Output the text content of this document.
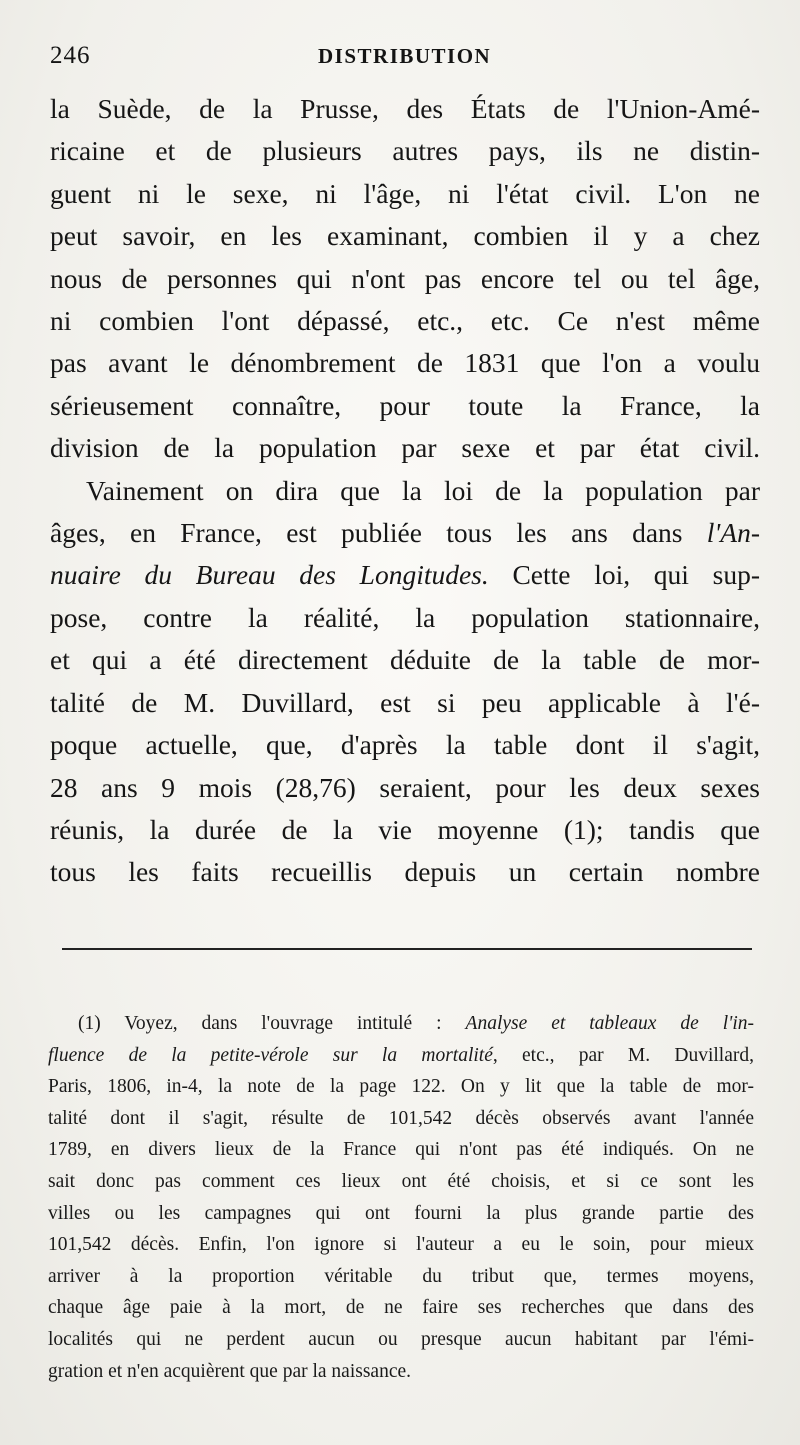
246	DISTRIBUTION
la Suède, de la Prusse, des États de l'Union-Amé-
ricaine et de plusieurs autres pays, ils ne distin-
guent ni le sexe, ni l'âge, ni l'état civil. L'on ne
peut savoir, en les examinant, combien il y a chez
nous de personnes qui n'ont pas encore tel ou tel âge,
ni combien l'ont dépassé, etc., etc. Ce n'est même
pas avant le dénombrement de 1831 que l'on a voulu
sérieusement connaître, pour toute la France, la
division de la population par sexe et par état civil.
Vainement on dira que la loi de la population par
âges, en France, est publiée tous les ans dans l'An-
nuaire du Bureau des Longitudes. Cette loi, qui sup-
pose, contre la réalité, la population stationnaire,
et qui a été directement déduite de la table de mor-
talité de M. Duvillard, est si peu applicable à l'é-
poque actuelle, que, d'après la table dont il s'agit,
28 ans 9 mois (28,76) seraient, pour les deux sexes
réunis, la durée de la vie moyenne (1); tandis que
tous les faits recueillis depuis un certain nombre
(1) Voyez, dans l'ouvrage intitulé : Analyse et tableaux de l'in-
fluence de la petite-vérole sur la mortalité, etc., par M. Duvillard,
Paris, 1806, in-4, la note de la page 122. On y lit que la table de mor-
talité dont il s'agit, résulte de 101,542 décès observés avant l'année
1789, en divers lieux de la France qui n'ont pas été indiqués. On ne
sait donc pas comment ces lieux ont été choisis, et si ce sont les
villes ou les campagnes qui ont fourni la plus grande partie des
101,542 décès. Enfin, l'on ignore si l'auteur a eu le soin, pour mieux
arriver à la proportion véritable du tribut que, termes moyens,
chaque âge paie à la mort, de ne faire ses recherches que dans des
localités qui ne perdent aucun ou presque aucun habitant par l'émi-
gration et n'en acquièrent que par la naissance.
